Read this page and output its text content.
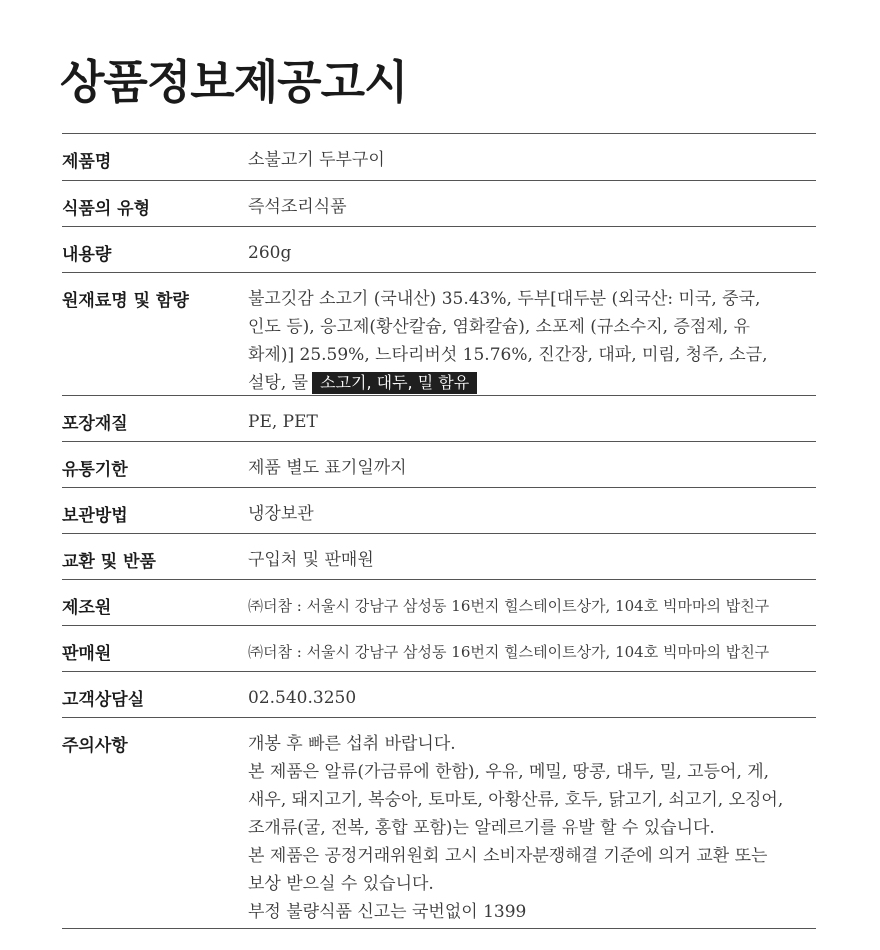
상품정보제공고시
제품명	소불고기 두부구이
식품의 유형	즉석조리식품
내용량	260g
원재료명 및 함량	불고깃감 소고기 (국내산) 35.43%, 두부[대두분 (외국산: 미국, 중국,
인도 등), 응고제(황산칼슘, 염화칼슘), 소포제 (규소수지, 증점제, 유
화제)] 25.59%, 느타리버섯 15.76%, 진간장, 대파, 미림, 청주, 소금,
설탕, 물 소고기, 대두, 밀 함유
포장재질	PE, PET
유통기한	제품 별도 표기일까지
보관방법	냉장보관
교환 및 반품	구입처 및 판매원
제조원	㈜더참 : 서울시 강남구 삼성동 16번지 힐스테이트상가, 104호 빅마마의 밥친구
판매원	㈜더참 : 서울시 강남구 삼성동 16번지 힐스테이트상가, 104호 빅마마의 밥친구
고객상담실	02.540.3250
주의사항	개봉 후 빠른 섭취 바랍니다.
본 제품은 알류(가금류에 한함), 우유, 메밀, 땅콩, 대두, 밀, 고등어, 게,
새우, 돼지고기, 복숭아, 토마토, 아황산류, 호두, 닭고기, 쇠고기, 오징어,
조개류(굴, 전복, 홍합 포함)는 알레르기를 유발 할 수 있습니다.
본 제품은 공정거래위원회 고시 소비자분쟁해결 기준에 의거 교환 또는
보상 받으실 수 있습니다.
부정 불량식품 신고는 국번없이 1399
